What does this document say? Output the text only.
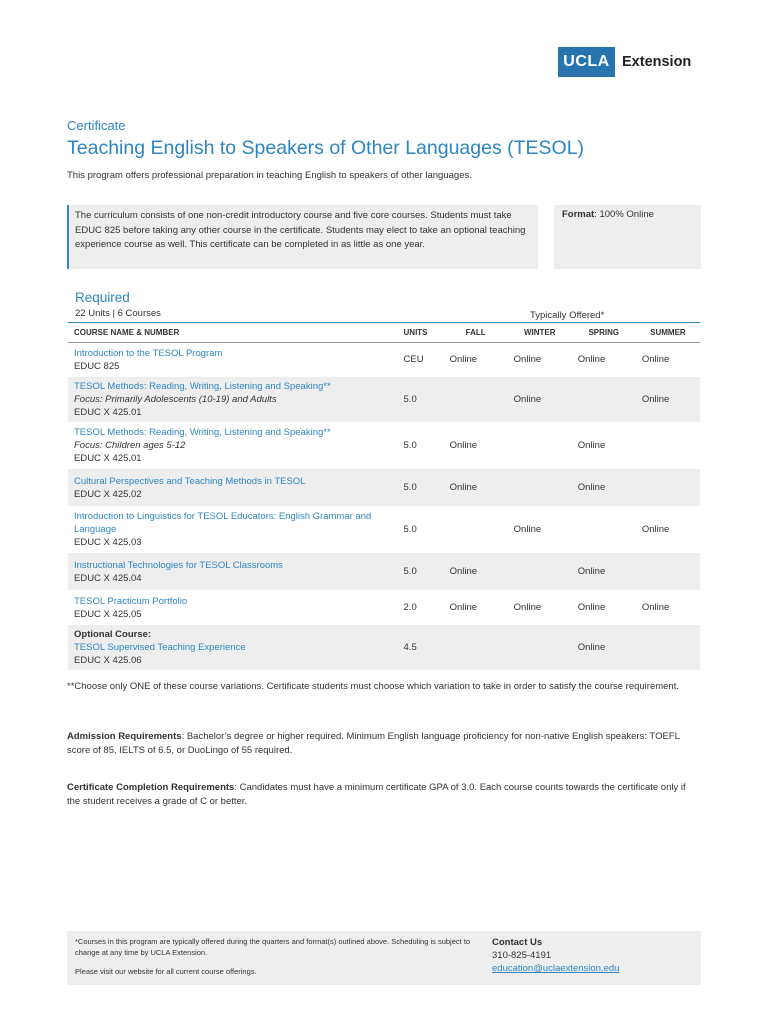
UCLA Extension
Certificate
Teaching English to Speakers of Other Languages (TESOL)
This program offers professional preparation in teaching English to speakers of other languages.
The curriculum consists of one non-credit introductory course and five core courses. Students must take EDUC 825 before taking any other course in the certificate. Students may elect to take an optional teaching experience course as well. This certificate can be completed in as little as one year.
Format: 100% Online
Required
22 Units | 6 Courses	Typically Offered*
COURSE NAME & NUMBER	UNITS	FALL	WINTER	SPRING	SUMMER

Introduction to the TESOL Program
EDUC 825	CEU	Online	Online	Online	Online

TESOL Methods: Reading, Writing, Listening and Speaking**
Focus: Primarily Adolescents (10-19) and Adults
EDUC X 425.01	5.0		Online		Online

TESOL Methods: Reading, Writing, Listening and Speaking**
Focus: Children ages 5-12
EDUC X 425.01	5.0	Online		Online	

Cultural Perspectives and Teaching Methods in TESOL
EDUC X 425.02	5.0	Online		Online	

Introduction to Linguistics for TESOL Educators: English Grammar and Language
EDUC X 425.03	5.0		Online		Online

Instructional Technologies for TESOL Classrooms
EDUC X 425.04	5.0	Online		Online	

TESOL Practicum Portfolio
EDUC X 425.05	2.0	Online	Online	Online	Online

Optional Course:
TESOL Supervised Teaching Experience
EDUC X 425.06	4.5			Online	
**Choose only ONE of these course variations. Certificate students must choose which variation to take in order to satisfy the course requirement.
Admission Requirements: Bachelor’s degree or higher required. Minimum English language proficiency for non-native English speakers: TOEFL score of 85, IELTS of 6.5, or DuoLingo of 55 required.
Certificate Completion Requirements: Candidates must have a minimum certificate GPA of 3.0. Each course counts towards the certificate only if the student receives a grade of C or better.
*Courses in this program are typically offered during the quarters and format(s) outlined above. Scheduling is subject to change at any time by UCLA Extension.
Please visit our website for all current course offerings.
Contact Us
310-825-4191
education@uclaextension.edu
